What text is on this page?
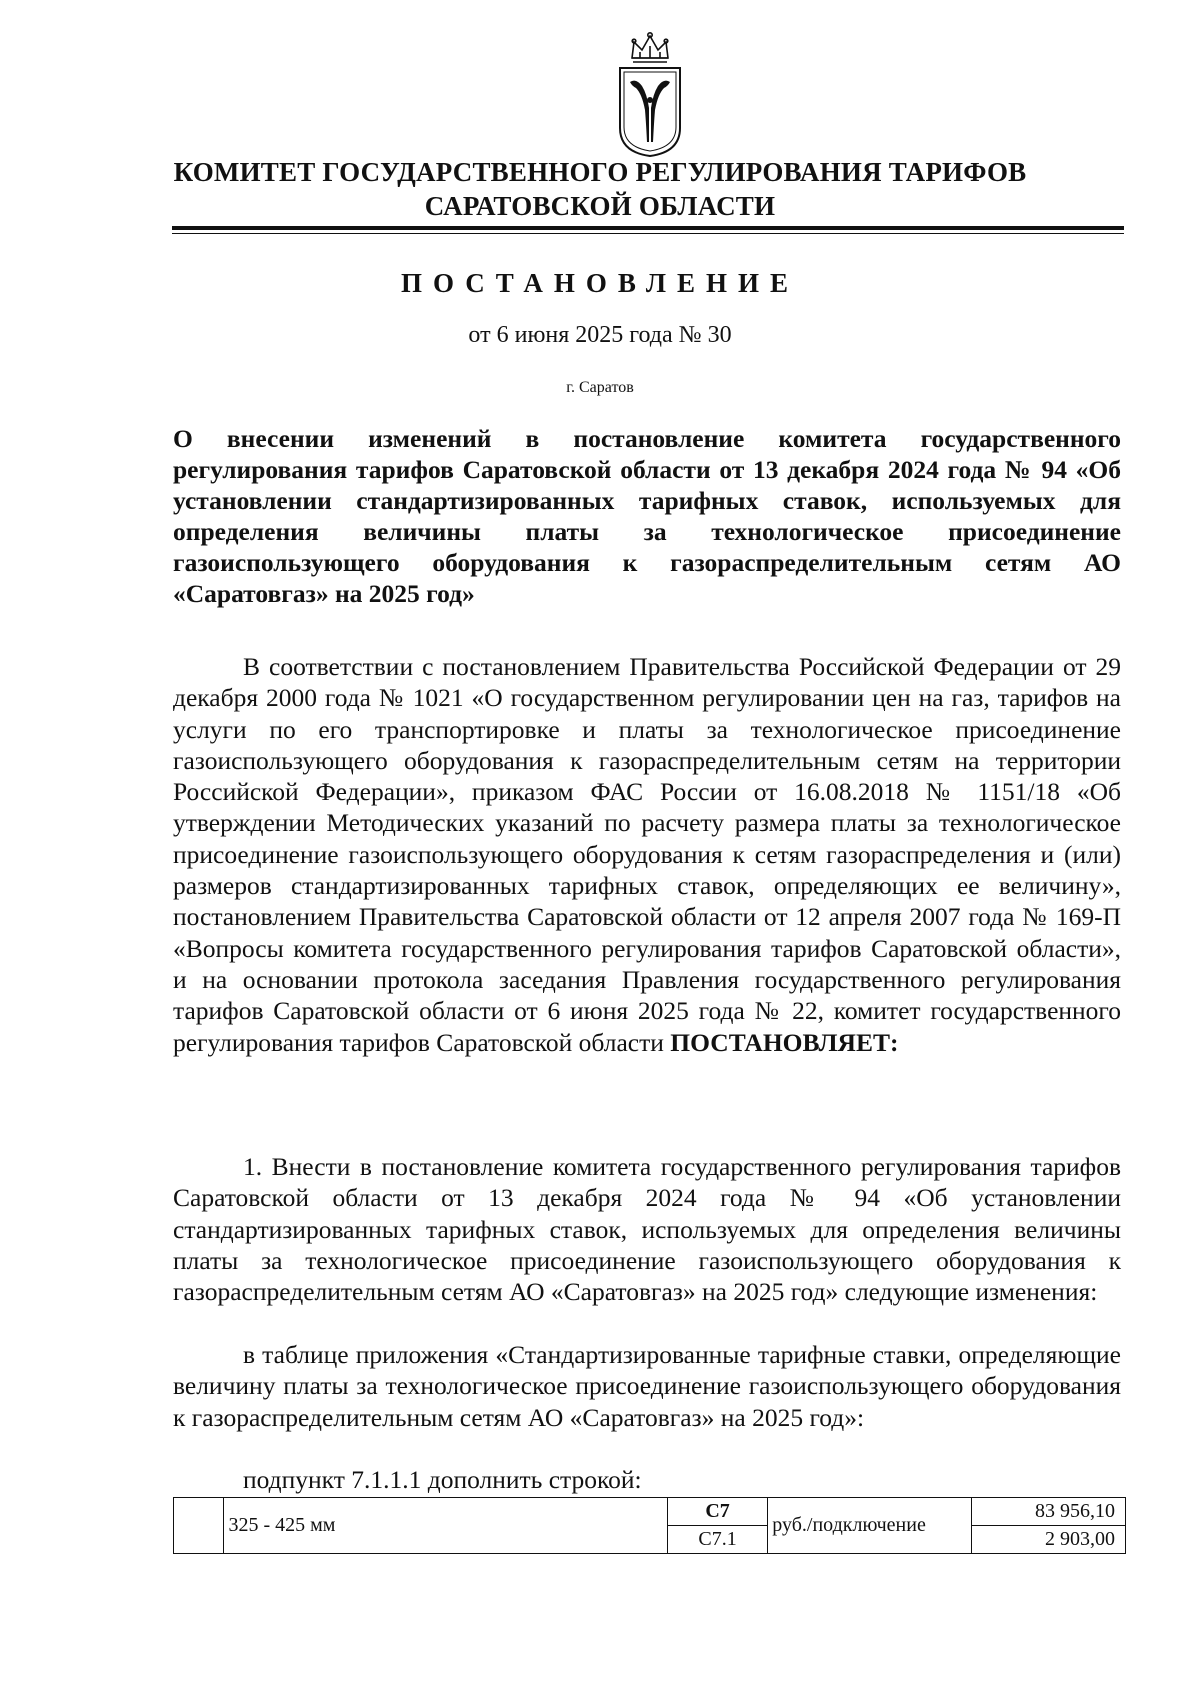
КОМИТЕТ ГОСУДАРСТВЕННОГО РЕГУЛИРОВАНИЯ ТАРИФОВ
САРАТОВСКОЙ ОБЛАСТИ
ПОСТАНОВЛЕНИЕ
от 6 июня 2025 года № 30
г. Саратов
О внесении изменений в постановление комитета государственного регулирования тарифов Саратовской области от 13 декабря 2024 года № 94 «Об установлении стандартизированных тарифных ставок, используемых для определения величины платы за технологическое присоединение газоиспользующего оборудования к газораспределительным сетям АО «Саратовгаз» на 2025 год»
В соответствии с постановлением Правительства Российской Федерации от 29 декабря 2000 года № 1021 «О государственном регулировании цен на газ, тарифов на услуги по его транспортировке и платы за технологическое присоединение газоиспользующего оборудования к газораспределительным сетям на территории Российской Федерации», приказом ФАС России от 16.08.2018 № 1151/18 «Об утверждении Методических указаний по расчету размера платы за технологическое присоединение газоиспользующего оборудования к сетям газораспределения и (или) размеров стандартизированных тарифных ставок, определяющих ее величину», постановлением Правительства Саратовской области от 12 апреля 2007 года № 169-П «Вопросы комитета государственного регулирования тарифов Саратовской области», и на основании протокола заседания Правления государственного регулирования тарифов Саратовской области от 6 июня 2025 года № 22, комитет государственного регулирования тарифов Саратовской области ПОСТАНОВЛЯЕТ:
1. Внести в постановление комитета государственного регулирования тарифов Саратовской области от 13 декабря 2024 года № 94 «Об установлении стандартизированных тарифных ставок, используемых для определения величины платы за технологическое присоединение газоиспользующего оборудования к газораспределительным сетям АО «Саратовгаз» на 2025 год» следующие изменения:
в таблице приложения «Стандартизированные тарифные ставки, определяющие величину платы за технологическое присоединение газоиспользующего оборудования к газораспределительным сетям АО «Саратовгаз» на 2025 год»:
подпункт 7.1.1.1 дополнить строкой:
	325 - 425 мм	С7	руб./подключение	83 956,10
		С7.1		2 903,00
